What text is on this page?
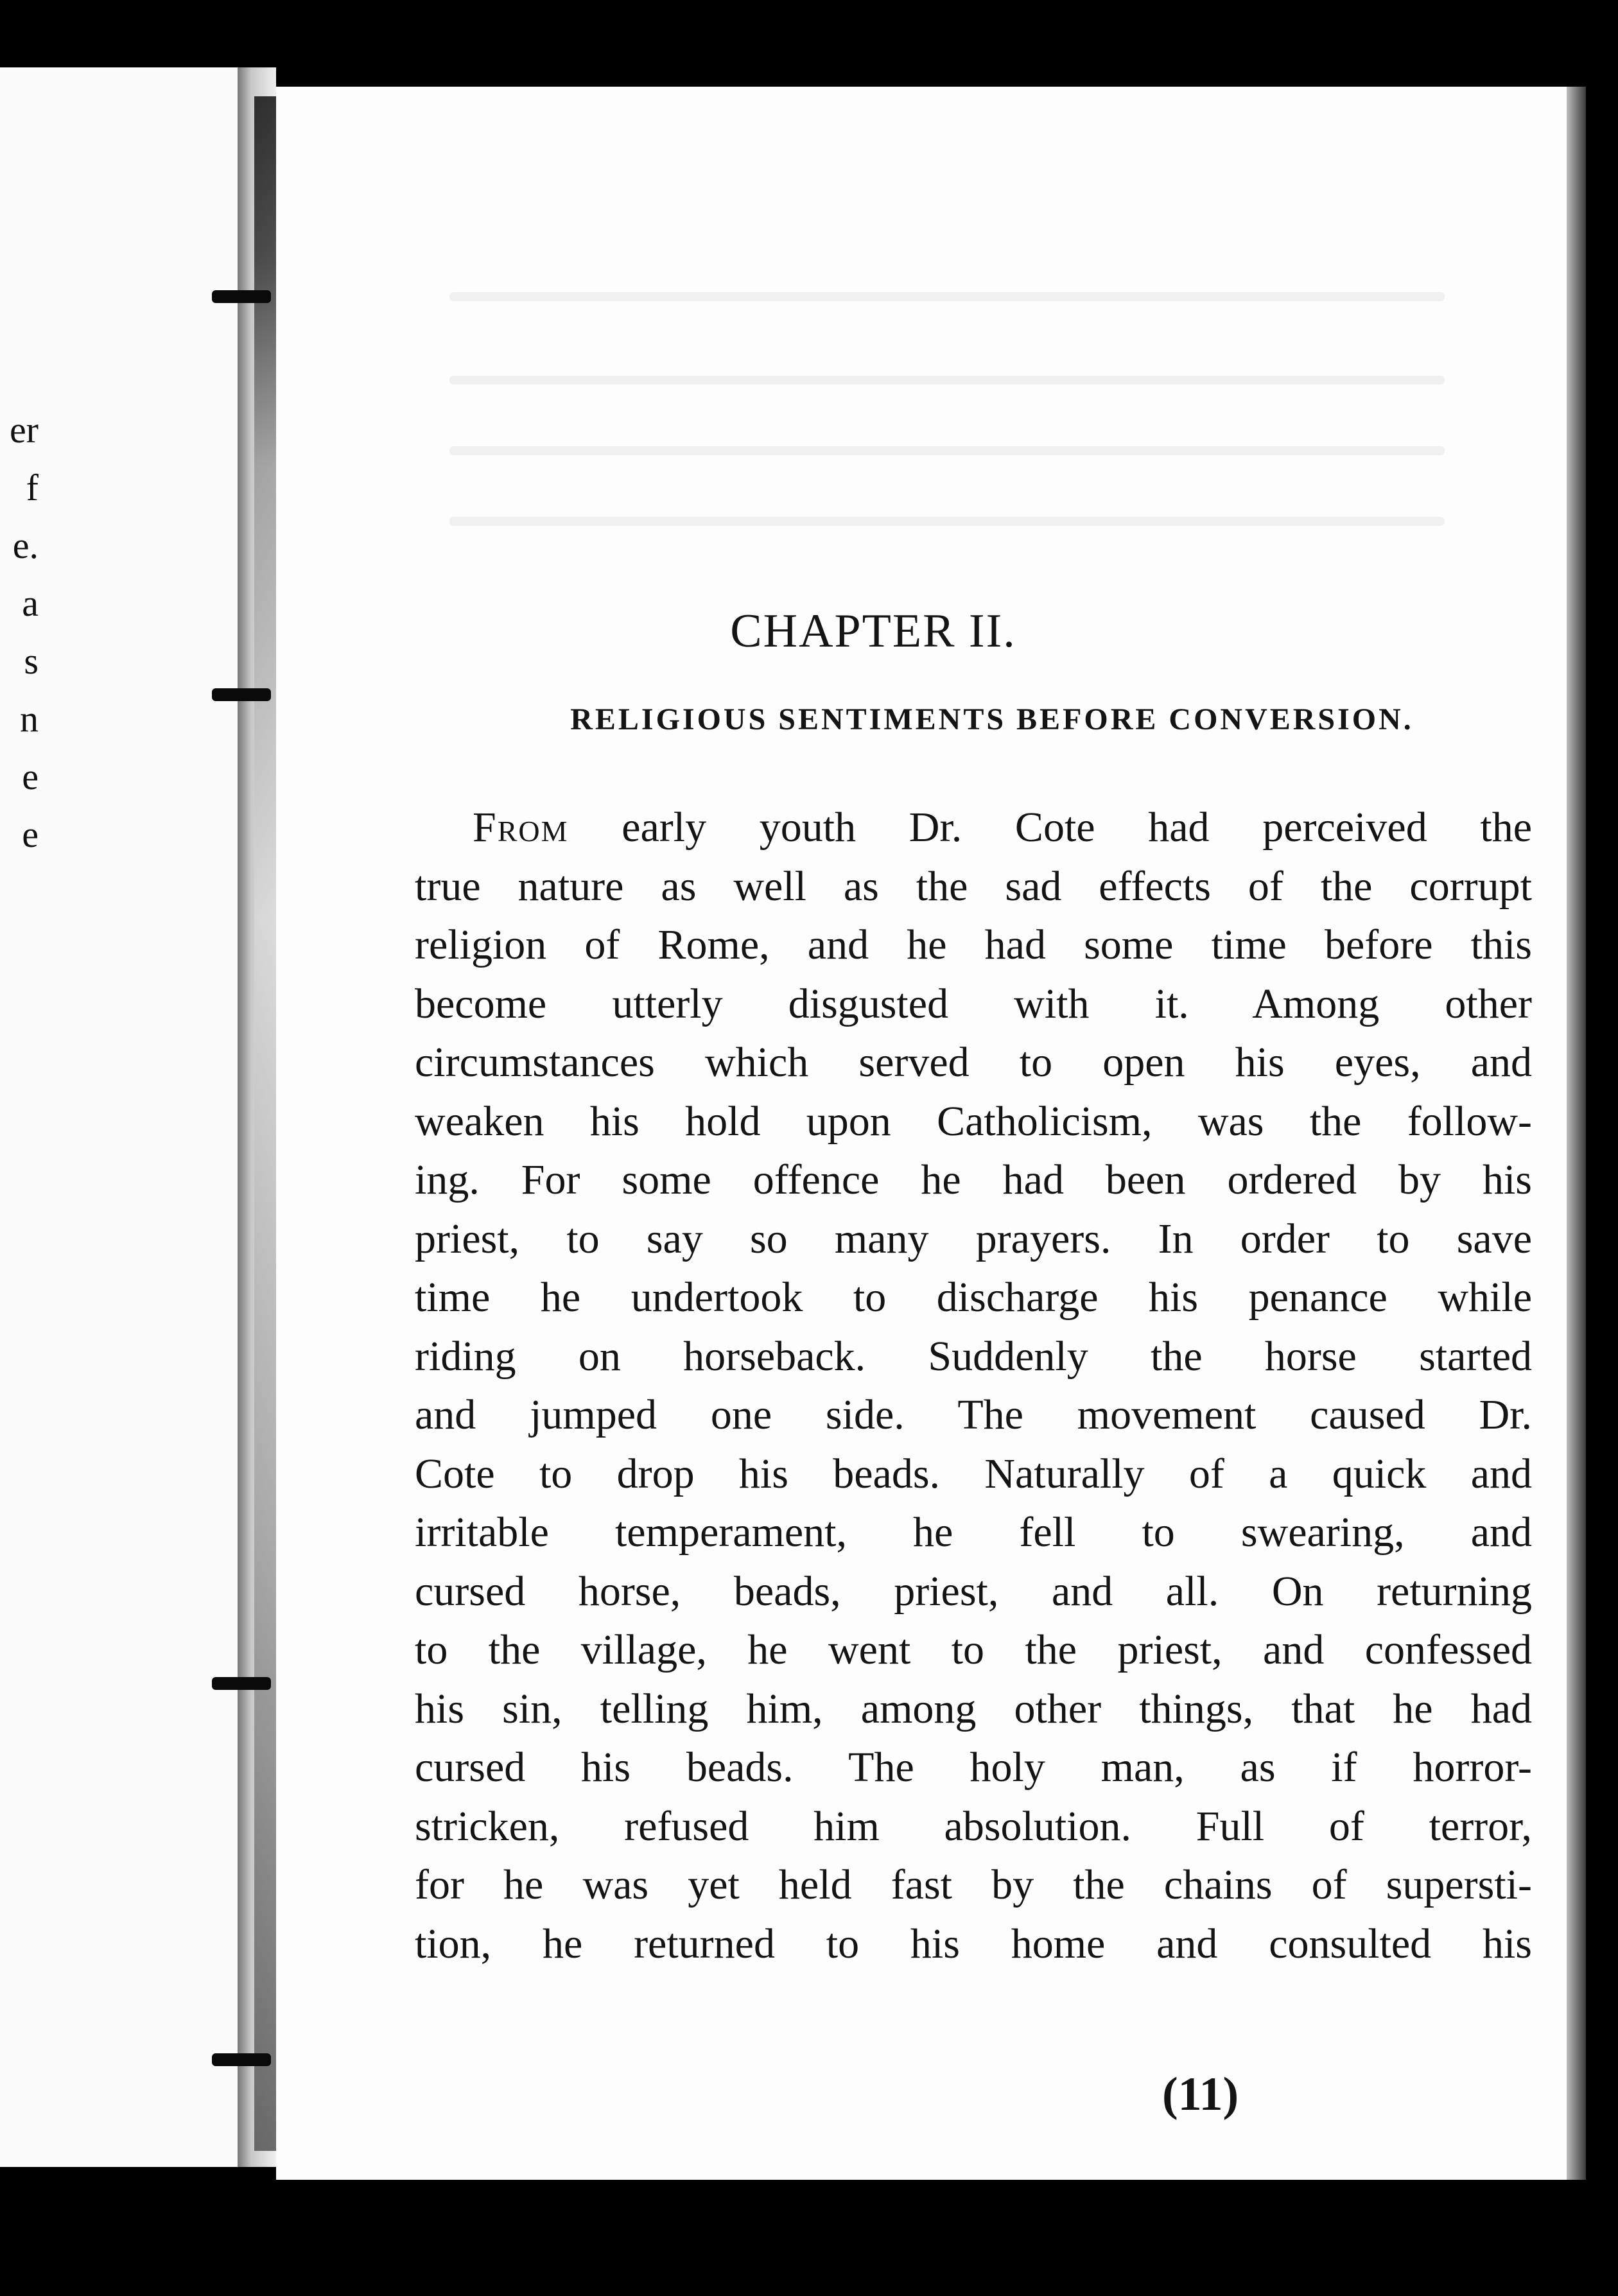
er
f
e.
a
s
n
e
e
CHAPTER II.
RELIGIOUS SENTIMENTS BEFORE CONVERSION.
From early youth Dr. Cote had perceived the
true nature as well as the sad effects of the corrupt
religion of Rome, and he had some time before this
become utterly disgusted with it. Among other
circumstances which served to open his eyes, and
weaken his hold upon Catholicism, was the follow-
ing. For some offence he had been ordered by his
priest, to say so many prayers. In order to save
time he undertook to discharge his penance while
riding on horseback. Suddenly the horse started
and jumped one side. The movement caused Dr.
Cote to drop his beads. Naturally of a quick and
irritable temperament, he fell to swearing, and
cursed horse, beads, priest, and all. On returning
to the village, he went to the priest, and confessed
his sin, telling him, among other things, that he had
cursed his beads. The holy man, as if horror-
stricken, refused him absolution. Full of terror,
for he was yet held fast by the chains of supersti-
tion, he returned to his home and consulted his
(11)
